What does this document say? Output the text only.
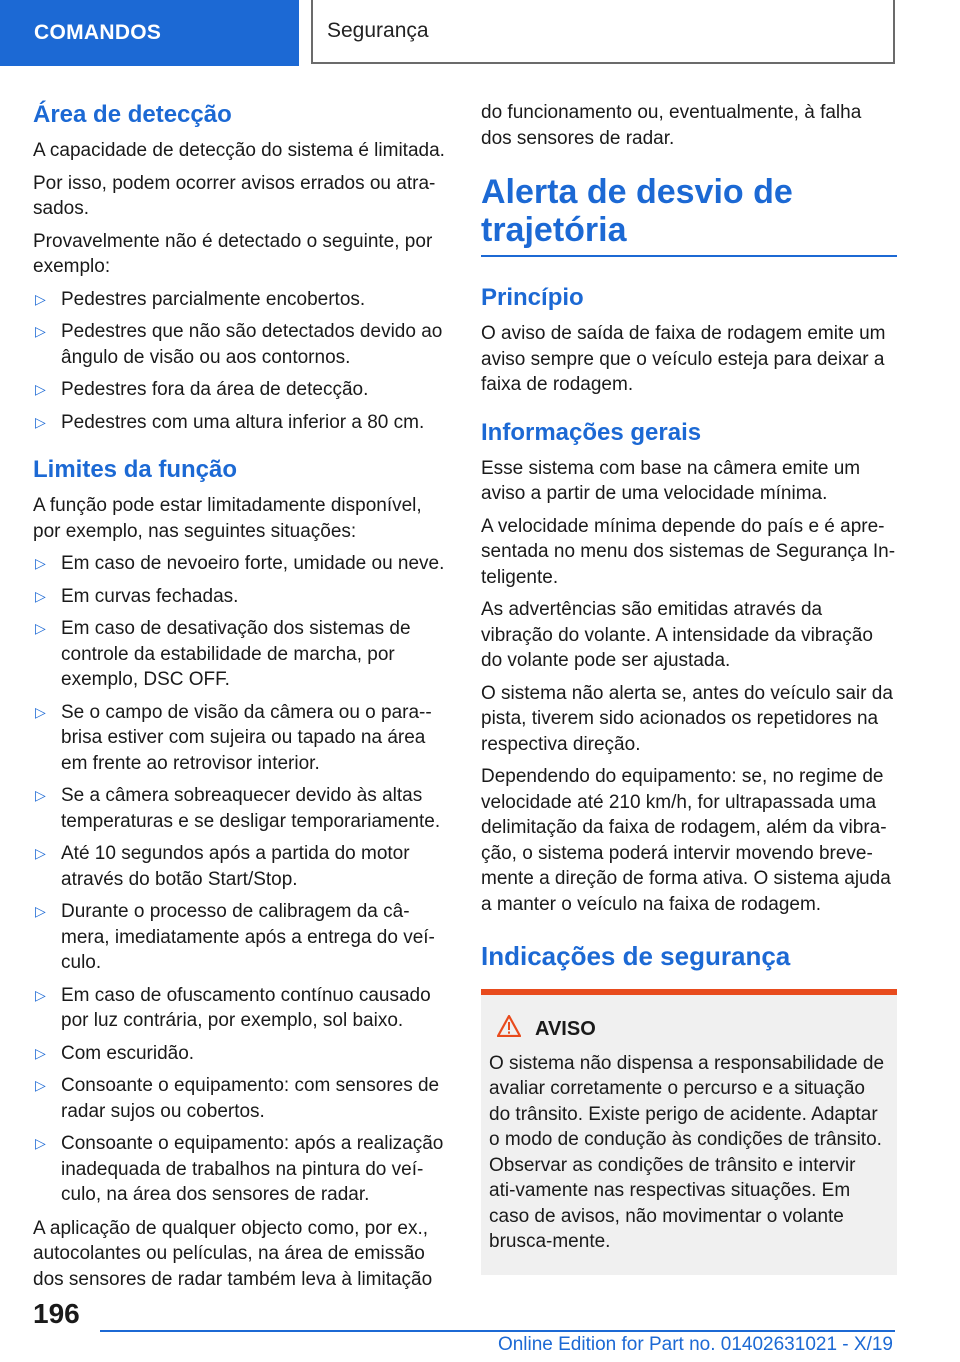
COMANDOS	Segurança
Área de detecção

A capacidade de detecção do sistema é limitada.

Por isso, podem ocorrer avisos errados ou atra-sados.

Provavelmente não é detectado o seguinte, por exemplo:

▷ Pedestres parcialmente encobertos.
▷ Pedestres que não são detectados devido ao ângulo de visão ou aos contornos.
▷ Pedestres fora da área de detecção.
▷ Pedestres com uma altura inferior a 80 cm.
Limites da função

A função pode estar limitadamente disponível, por exemplo, nas seguintes situações:

▷ Em caso de nevoeiro forte, umidade ou neve.
▷ Em curvas fechadas.
▷ Em caso de desativação dos sistemas de controle da estabilidade de marcha, por exemplo, DSC OFF.
▷ Se o campo de visão da câmera ou o para--brisa estiver com sujeira ou tapado na área em frente ao retrovisor interior.
▷ Se a câmera sobreaquecer devido às altas temperaturas e se desligar temporariamente.
▷ Até 10 segundos após a partida do motor através do botão Start/Stop.
▷ Durante o processo de calibragem da câ-mera, imediatamente após a entrega do veí-culo.
▷ Em caso de ofuscamento contínuo causado por luz contrária, por exemplo, sol baixo.
▷ Com escuridão.
▷ Consoante o equipamento: com sensores de radar sujos ou cobertos.
▷ Consoante o equipamento: após a realização inadequada de trabalhos na pintura do veí-culo, na área dos sensores de radar.

A aplicação de qualquer objecto como, por ex., autocolantes ou películas, na área de emissão dos sensores de radar também leva à limitação

do funcionamento ou, eventualmente, à falha dos sensores de radar.

Alerta de desvio de trajetória
Princípio

O aviso de saída de faixa de rodagem emite um aviso sempre que o veículo esteja para deixar a faixa de rodagem.

Informações gerais

Esse sistema com base na câmera emite um aviso a partir de uma velocidade mínima.

A velocidade mínima depende do país e é apre-sentada no menu dos sistemas de Segurança In-teligente.

As advertências são emitidas através da vibração do volante. A intensidade da vibração do volante pode ser ajustada.

O sistema não alerta se, antes do veículo sair da pista, tiverem sido acionados os repetidores na respectiva direção.

Dependendo do equipamento: se, no regime de velocidade até 210 km/h, for ultrapassada uma delimitação da faixa de rodagem, além da vibra-ção, o sistema poderá intervir movendo breve-mente a direção de forma ativa. O sistema ajuda a manter o veículo na faixa de rodagem.

Indicações de segurança
AVISO

O sistema não dispensa a responsabilidade de avaliar corretamente o percurso e a situação do trânsito. Existe perigo de acidente. Adaptar o modo de condução às condições de trânsito. Observar as condições de trânsito e intervir ati-vamente nas respectivas situações. Em caso de avisos, não movimentar o volante brusca-mente.

196
Online Edition for Part no. 01402631021 - X/19
